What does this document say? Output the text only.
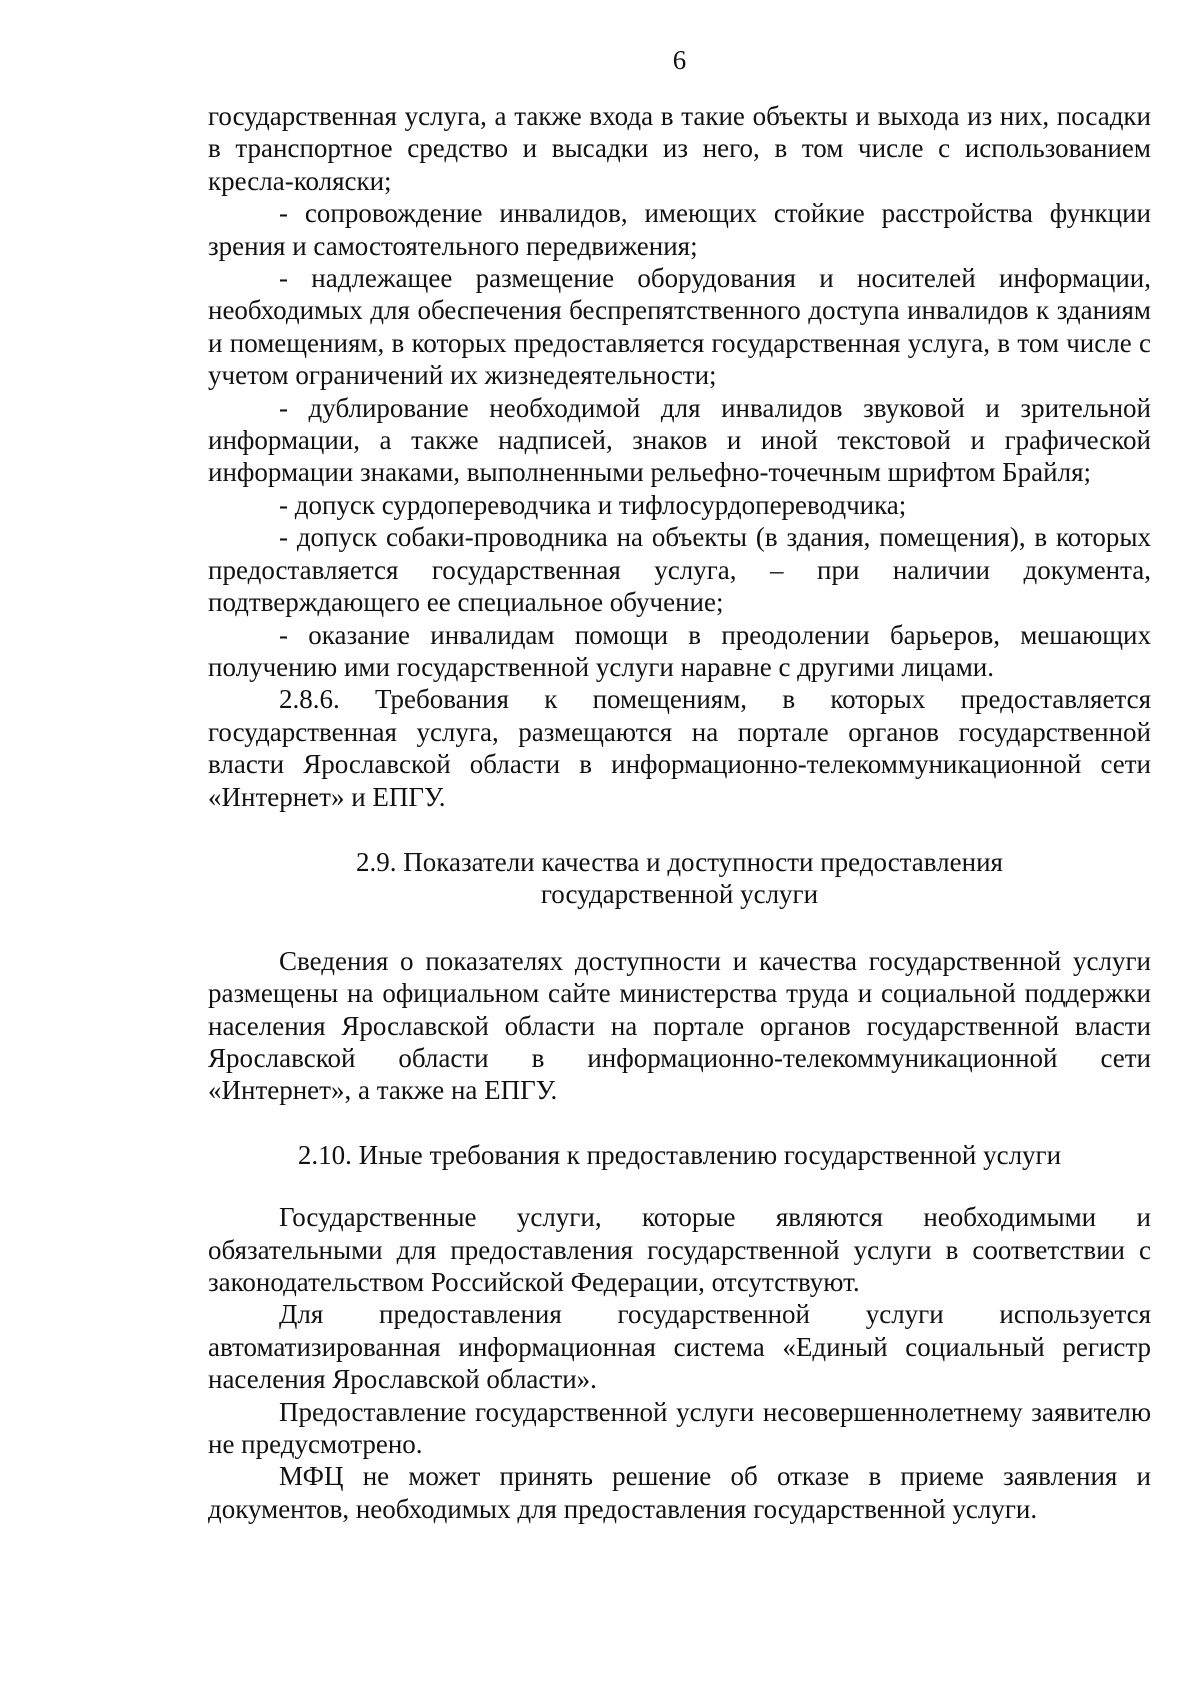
6

государственная услуга, а также входа в такие объекты и выхода из них, посадки в транспортное средство и высадки из него, в том числе с использованием кресла-коляски;

- сопровождение инвалидов, имеющих стойкие расстройства функции зрения и самостоятельного передвижения;

- надлежащее размещение оборудования и носителей информации, необходимых для обеспечения беспрепятственного доступа инвалидов к зданиям и помещениям, в которых предоставляется государственная услуга, в том числе с учетом ограничений их жизнедеятельности;

- дублирование необходимой для инвалидов звуковой и зрительной информации, а также надписей, знаков и иной текстовой и графической информации знаками, выполненными рельефно-точечным шрифтом Брайля;

- допуск сурдопереводчика и тифлосурдопереводчика;

- допуск собаки-проводника на объекты (в здания, помещения), в которых предоставляется государственная услуга, – при наличии документа, подтверждающего ее специальное обучение;

- оказание инвалидам помощи в преодолении барьеров, мешающих получению ими государственной услуги наравне с другими лицами.

2.8.6. Требования к помещениям, в которых предоставляется государственная услуга, размещаются на портале органов государственной власти Ярославской области в информационно-телекоммуникационной сети «Интернет» и ЕПГУ.

2.9. Показатели качества и доступности предоставления
государственной услуги

Сведения о показателях доступности и качества государственной услуги размещены на официальном сайте министерства труда и социальной поддержки населения Ярославской области на портале органов государственной власти Ярославской области в информационно-телекоммуникационной сети «Интернет», а также на ЕПГУ.

2.10. Иные требования к предоставлению государственной услуги

Государственные услуги, которые являются необходимыми и обязательными для предоставления государственной услуги в соответствии с законодательством Российской Федерации, отсутствуют.

Для предоставления государственной услуги используется автоматизированная информационная система «Единый социальный регистр населения Ярославской области».

Предоставление государственной услуги несовершеннолетнему заявителю не предусмотрено.

МФЦ не может принять решение об отказе в приеме заявления и документов, необходимых для предоставления государственной услуги.
